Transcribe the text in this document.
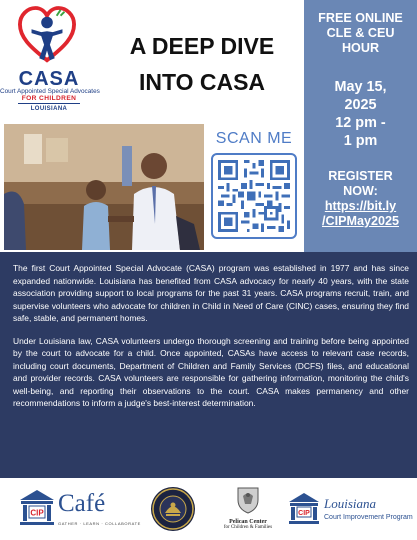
CASA
Court Appointed Special Advocates
FOR CHILDREN
LOUISIANA
A DEEP DIVE
INTO CASA
FREE ONLINE
CLE & CEU
HOUR
May 15,
2025
12 pm -
1 pm
REGISTER
NOW:
https://bit.ly
/CIPMay2025
SCAN ME

The first Court Appointed Special Advocate (CASA) program was established in 1977 and has since expanded nationwide. Louisiana has benefited from CASA advocacy for nearly 40 years, with the state association providing support to local programs for the past 31 years. CASA programs recruit, train, and supervise volunteers who advocate for children in Child in Need of Care (CINC) cases, ensuring they find safe, stable, and permanent homes.

Under Louisiana law, CASA volunteers undergo thorough screening and training before being appointed by the court to advocate for a child. Once appointed, CASAs have access to relevant case records, including court documents, Department of Children and Family Services (DCFS) files, and educational and provider records. CASA volunteers are responsible for gathering information, monitoring the child's well-being, and reporting their observations to the court. CASA makes permanency and other recommendations to inform a judge's best-interest determination.

CIP Café
GATHER · LEARN · COLLABORATE	Pelican Center
for Children & Families
CIP
Louisiana
Court Improvement Program
